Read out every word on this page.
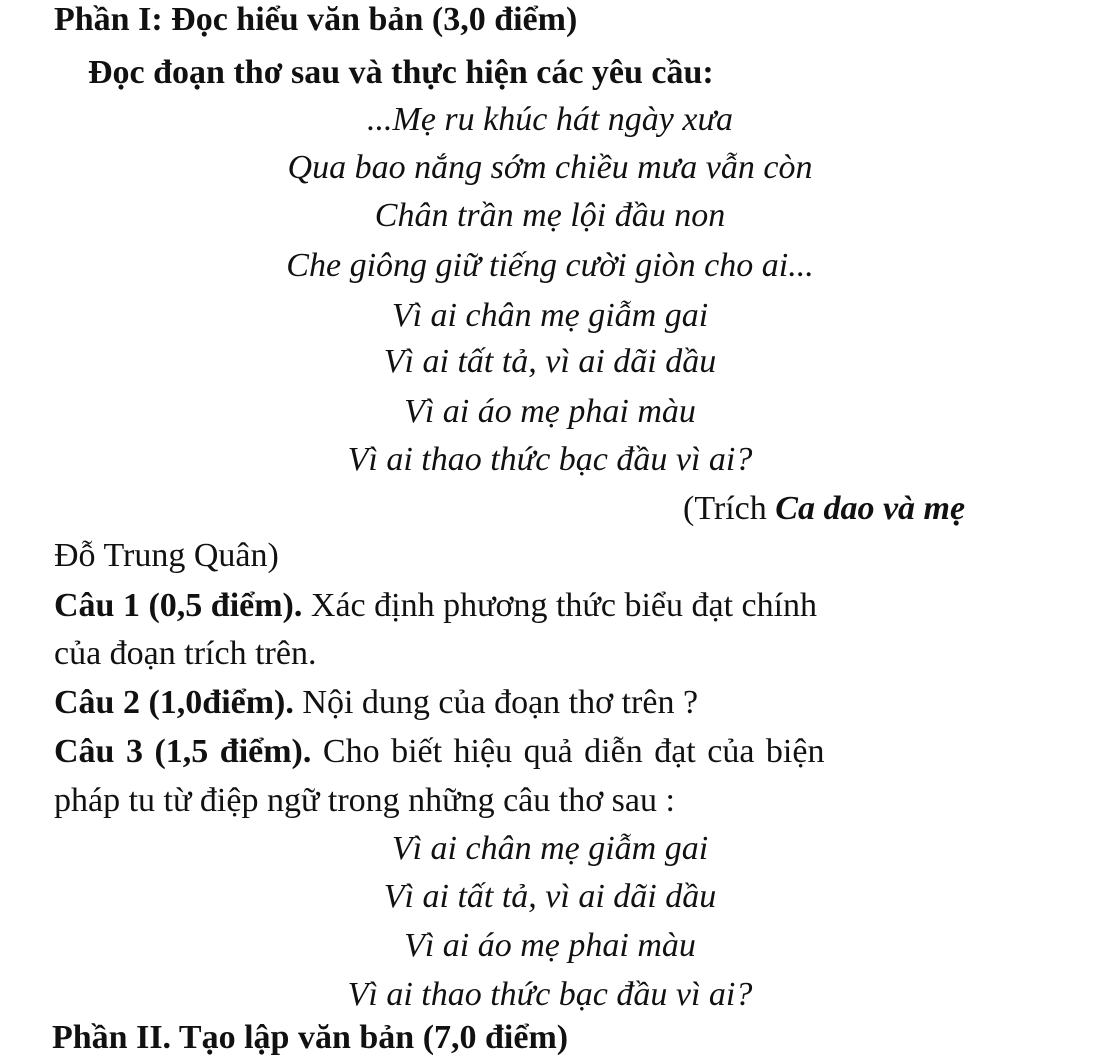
Phần I: Đọc hiểu văn bản (3,0 điểm)
Đọc đoạn thơ sau và thực hiện các yêu cầu:
...Mẹ ru khúc hát ngày xưa
Qua bao nắng sớm chiều mưa vẫn còn
Chân trần mẹ lội đầu non
Che giông giữ tiếng cười giòn cho ai...
Vì ai chân mẹ giẫm gai
Vì ai tất tả, vì ai dãi dầu
Vì ai áo mẹ phai màu
Vì ai thao thức bạc đầu vì ai?
(Trích Ca dao và mẹ
Đỗ Trung Quân)
Câu 1 (0,5 điểm). Xác định phương thức biểu đạt chính
của đoạn trích trên.
Câu 2 (1,0điểm). Nội dung của đoạn thơ trên ?
Câu 3 (1,5 điểm). Cho biết hiệu quả diễn đạt của biện
pháp tu từ điệp ngữ trong những câu thơ sau :
Vì ai chân mẹ giẫm gai
Vì ai tất tả, vì ai dãi dầu
Vì ai áo mẹ phai màu
Vì ai thao thức bạc đầu vì ai?
Phần II. Tạo lập văn bản (7,0 điểm)
